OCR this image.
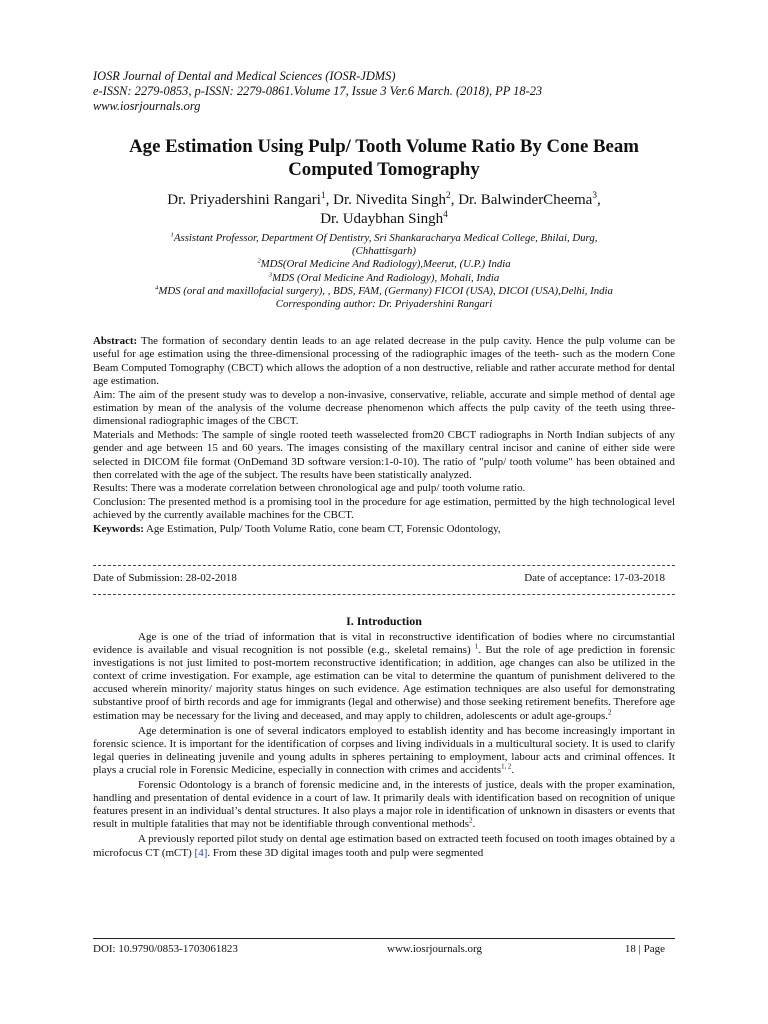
IOSR Journal of Dental and Medical Sciences (IOSR-JDMS)
e-ISSN: 2279-0853, p-ISSN: 2279-0861.Volume 17, Issue 3 Ver.6 March. (2018), PP 18-23
www.iosrjournals.org
Age Estimation Using Pulp/ Tooth Volume Ratio By Cone Beam
Computed Tomography
Dr. Priyadershini Rangari$^1$, Dr. Nivedita Singh$^2$, Dr. BalwinderCheema$^3$,
Dr. Udaybhan Singh$^4$
$^1$Assistant Professor, Department Of Dentistry, Sri Shankaracharya Medical College, Bhilai, Durg,
(Chhattisgarh)
$^2$MDS(Oral Medicine And Radiology),Meerut, (U.P.) India
$^3$MDS (Oral Medicine And Radiology), Mohali, India
$^4$MDS (oral and maxillofacial surgery), , BDS, FAM, (Germany) FICOI (USA), DICOI (USA),Delhi, India
Corresponding author: Dr. Priyadershini Rangari

Abstract: The formation of secondary dentin leads to an age related decrease in the pulp cavity. Hence the pulp volume can be useful for age estimation using the three-dimensional processing of the radiographic images of the teeth- such as the modern Cone Beam Computed Tomography (CBCT) which allows the adoption of a non destructive, reliable and rather accurate method for dental age estimation.

Aim: The aim of the present study was to develop a non-invasive, conservative, reliable, accurate and simple method of dental age estimation by mean of the analysis of the volume decrease phenomenon which affects the pulp cavity of the teeth using three-dimensional radiographic images of the CBCT.

Materials and Methods: The sample of single rooted teeth wasselected from20 CBCT radiographs in North Indian subjects of any gender and age between 15 and 60 years. The images consisting of the maxillary central incisor and canine of either side were selected in DICOM file format (OnDemand 3D software version:1-0-10). The ratio of "pulp/ tooth volume" has been obtained and then correlated with the age of the subject. The results have been statistically analyzed.

Results: There was a moderate correlation between chronological age and pulp/ tooth volume ratio.

Conclusion: The presented method is a promising tool in the procedure for age estimation, permitted by the high technological level achieved by the currently available machines for the CBCT.

Keywords: Age Estimation, Pulp/ Tooth Volume Ratio, cone beam CT, Forensic Odontology,

Date of Submission: 28-02-2018	Date of acceptance: 17-03-2018
I. Introduction

Age is one of the triad of information that is vital in reconstructive identification of bodies where no circumstantial evidence is available and visual recognition is not possible (e.g., skeletal remains) $^1$. But the role of age prediction in forensic investigations is not just limited to post-mortem reconstructive identification; in addition, age changes can also be utilized in the context of crime investigation. For example, age estimation can be vital to determine the quantum of punishment delivered to the accused wherein minority/ majority status hinges on such evidence. Age estimation techniques are also useful for demonstrating substantive proof of birth records and age for immigrants (legal and otherwise) and those seeking retirement benefits. Therefore age estimation may be necessary for the living and deceased, and may apply to children, adolescents or adult age-groups.$^2$

Age determination is one of several indicators employed to establish identity and has become increasingly important in forensic science. It is important for the identification of corpses and living individuals in a multicultural society. It is used to clarify legal queries in delineating juvenile and young adults in spheres pertaining to employment, labour acts and criminal offences. It plays a crucial role in Forensic Medicine, especially in connection with crimes and accidents$^{1, 2}$.

Forensic Odontology is a branch of forensic medicine and, in the interests of justice, deals with the proper examination, handling and presentation of dental evidence in a court of law. It primarily deals with identification based on recognition of unique features present in an individual’s dental structures. It also plays a major role in identification of unknown in disasters or events that result in multiple fatalities that may not be identifiable through conventional methods$^2$.

A previously reported pilot study on dental age estimation based on extracted teeth focused on tooth images obtained by a microfocus CT (mCT) [4]. From these 3D digital images tooth and pulp were segmented

DOI: 10.9790/0853-1703061823	www.iosrjournals.org	18 | Page
